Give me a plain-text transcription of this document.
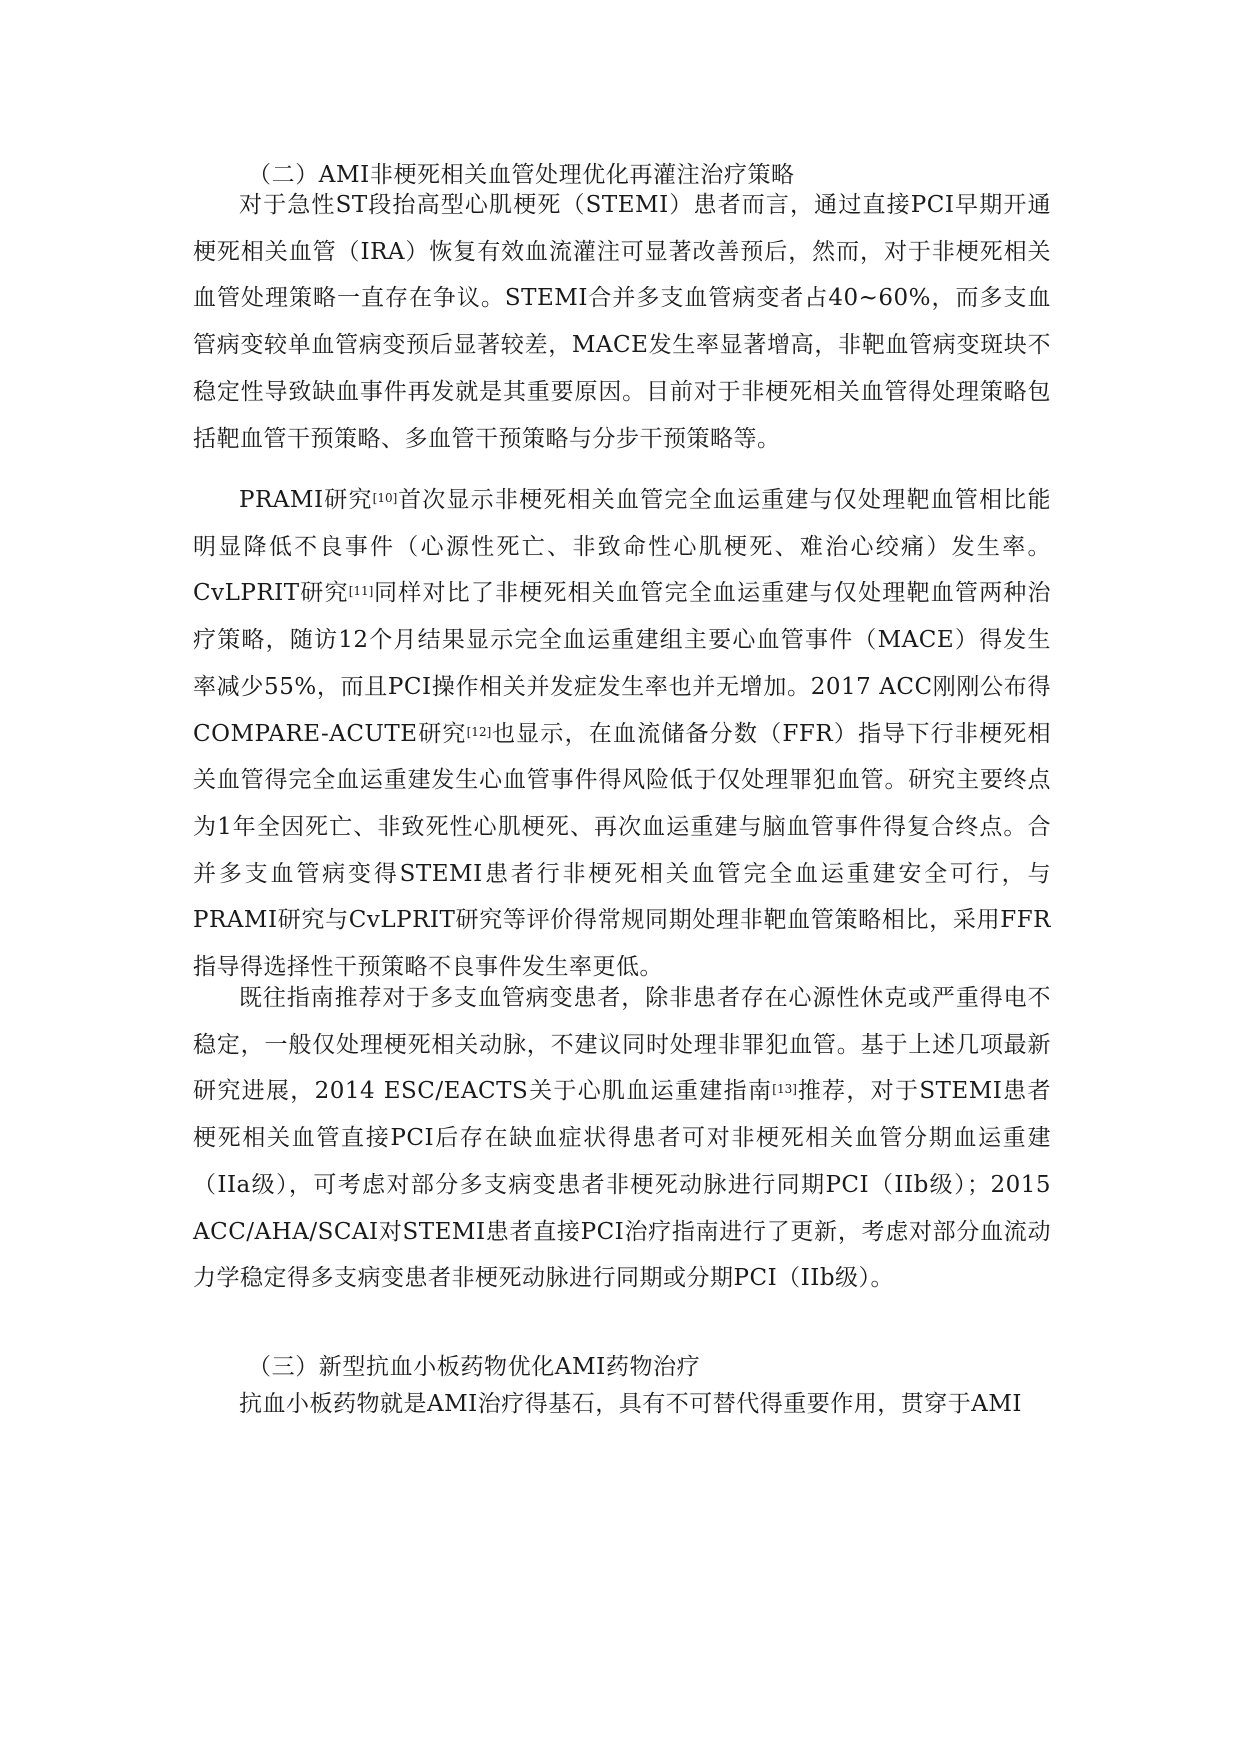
（二）AMI非梗死相关血管处理优化再灌注治疗策略

对于急性ST段抬高型心肌梗死（STEMI）患者而言，通过直接PCI早期开通梗死相关血管（IRA）恢复有效血流灌注可显著改善预后，然而，对于非梗死相关血管处理策略一直存在争议。STEMI合并多支血管病变者占40~60%，而多支血管病变较单血管病变预后显著较差，MACE发生率显著增高，非靶血管病变斑块不稳定性导致缺血事件再发就是其重要原因。目前对于非梗死相关血管得处理策略包括靶血管干预策略、多血管干预策略与分步干预策略等。

PRAMI研究[10]首次显示非梗死相关血管完全血运重建与仅处理靶血管相比能明显降低不良事件（心源性死亡、非致命性心肌梗死、难治心绞痛）发生率。CvLPRIT研究[11]同样对比了非梗死相关血管完全血运重建与仅处理靶血管两种治疗策略，随访12个月结果显示完全血运重建组主要心血管事件（MACE）得发生率减少55%，而且PCI操作相关并发症发生率也并无增加。2017 ACC刚刚公布得COMPARE-ACUTE研究[12]也显示，在血流储备分数（FFR）指导下行非梗死相关血管得完全血运重建发生心血管事件得风险低于仅处理罪犯血管。研究主要终点为1年全因死亡、非致死性心肌梗死、再次血运重建与脑血管事件得复合终点。合并多支血管病变得STEMI患者行非梗死相关血管完全血运重建安全可行，与PRAMI研究与CvLPRIT研究等评价得常规同期处理非靶血管策略相比，采用FFR指导得选择性干预策略不良事件发生率更低。

既往指南推荐对于多支血管病变患者，除非患者存在心源性休克或严重得电不稳定，一般仅处理梗死相关动脉，不建议同时处理非罪犯血管。基于上述几项最新研究进展，2014 ESC/EACTS关于心肌血运重建指南[13]推荐，对于STEMI患者梗死相关血管直接PCI后存在缺血症状得患者可对非梗死相关血管分期血运重建（IIa级），可考虑对部分多支病变患者非梗死动脉进行同期PCI（IIb级）；2015 ACC/AHA/SCAI对STEMI患者直接PCI治疗指南进行了更新，考虑对部分血流动力学稳定得多支病变患者非梗死动脉进行同期或分期PCI（IIb级）。

（三）新型抗血小板药物优化AMI药物治疗

抗血小板药物就是AMI治疗得基石，具有不可替代得重要作用，贯穿于AMI
